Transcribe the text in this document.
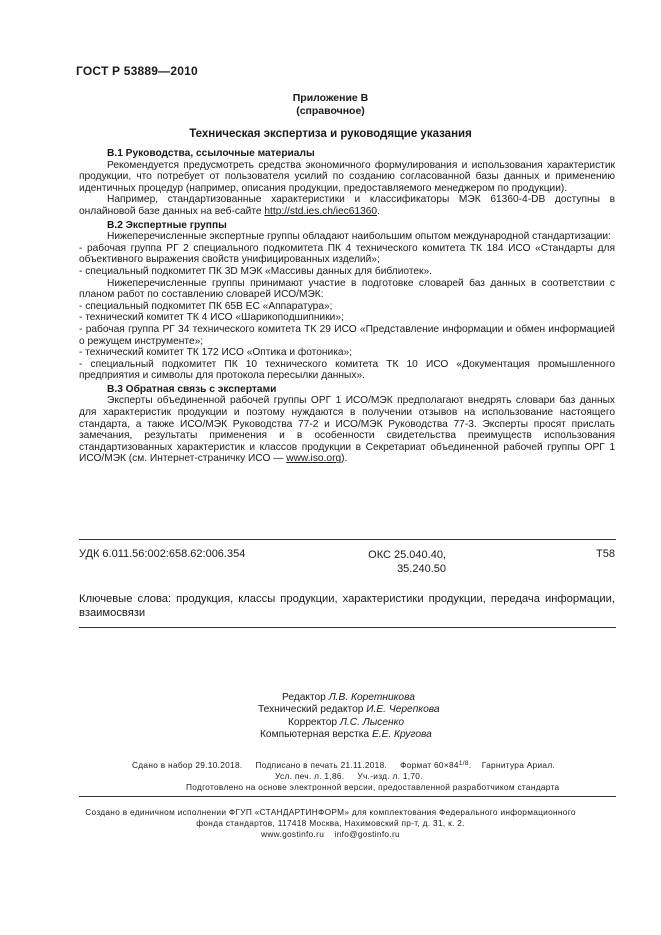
ГОСТ Р 53889—2010
Приложение В
(справочное)
Техническая экспертиза и руководящие указания

В.1 Руководства, ссылочные материалы

Рекомендуется предусмотреть средства экономичного формулирования и использования характеристик продукции, что потребует от пользователя усилий по созданию согласованной базы данных и применению идентичных процедур (например, описания продукции, предоставляемого менеджером по продукции).

Например, стандартизованные характеристики и классификаторы МЭК 61360-4-DB доступны в онлайновой базе данных на веб-сайте http://std.ies.ch/iec61360.

В.2 Экспертные группы

Нижеперечисленные экспертные группы обладают наибольшим опытом международной стандартизации:

- рабочая группа РГ 2 специального подкомитета ПК 4 технического комитета ТК 184 ИСО «Стандарты для объективного выражения свойств унифицированных изделий»;

- специальный подкомитет ПК 3D МЭК «Массивы данных для библиотек».

Нижеперечисленные группы принимают участие в подготовке словарей баз данных в соответствии с планом работ по составлению словарей ИСО/МЭК:

- специальный подкомитет ПК 65В ЕС «Аппаратура»;

- технический комитет ТК 4 ИСО «Шарикоподшипники»;

- рабочая группа РГ 34 технического комитета ТК 29 ИСО «Представление информации и обмен информацией о режущем инструменте»;

- технический комитет ТК 172 ИСО «Оптика и фотоника»;

- специальный подкомитет ПК 10 технического комитета ТК 10 ИСО «Документация промышленного предприятия и символы для протокола пересылки данных».

В.3 Обратная связь с экспертами

Эксперты объединенной рабочей группы ОРГ 1 ИСО/МЭК предполагают внедрять словари баз данных для характеристик продукции и поэтому нуждаются в получении отзывов на использование настоящего стандарта, а также ИСО/МЭК Руководства 77-2 и ИСО/МЭК Руководства 77-3. Эксперты просят прислать замечания, результаты применения и в особенности свидетельства преимуществ использования стандартизованных характеристик и классов продукции в Секретариат объединенной рабочей группы ОРГ 1 ИСО/МЭК (см. Интернет-страничку ИСО — www.iso.org).

УДК 6.011.56:002:658.62:006.354	ОКС 25.040.40,
35.240.50
Т58
Ключевые слова: продукция, классы продукции, характеристики продукции, передача информации, взаимосвязи
Редактор Л.В. Коретникова
Технический редактор И.Е. Черепкова
Корректор Л.С. Лысенко
Компьютерная верстка Е.Е. Кругова
Сдано в набор 29.10.2018. Подписано в печать 21.11.2018. Формат $60\times 84^{1/8}$.    Гарнитура Ариал.
Усл. печ. л. 1,86. Уч.-изд. л. 1,70.
Подготовлено на основе электронной версии, предоставленной разработчиком стандарта
Создано в единичном исполнении ФГУП «СТАНДАРТИНФОРМ» для комплектования Федерального информационного
фонда стандартов, 117418 Москва, Нахимовский пр-т, д. 31, к. 2.
www.gostinfo.ru info@gostinfo.ru
